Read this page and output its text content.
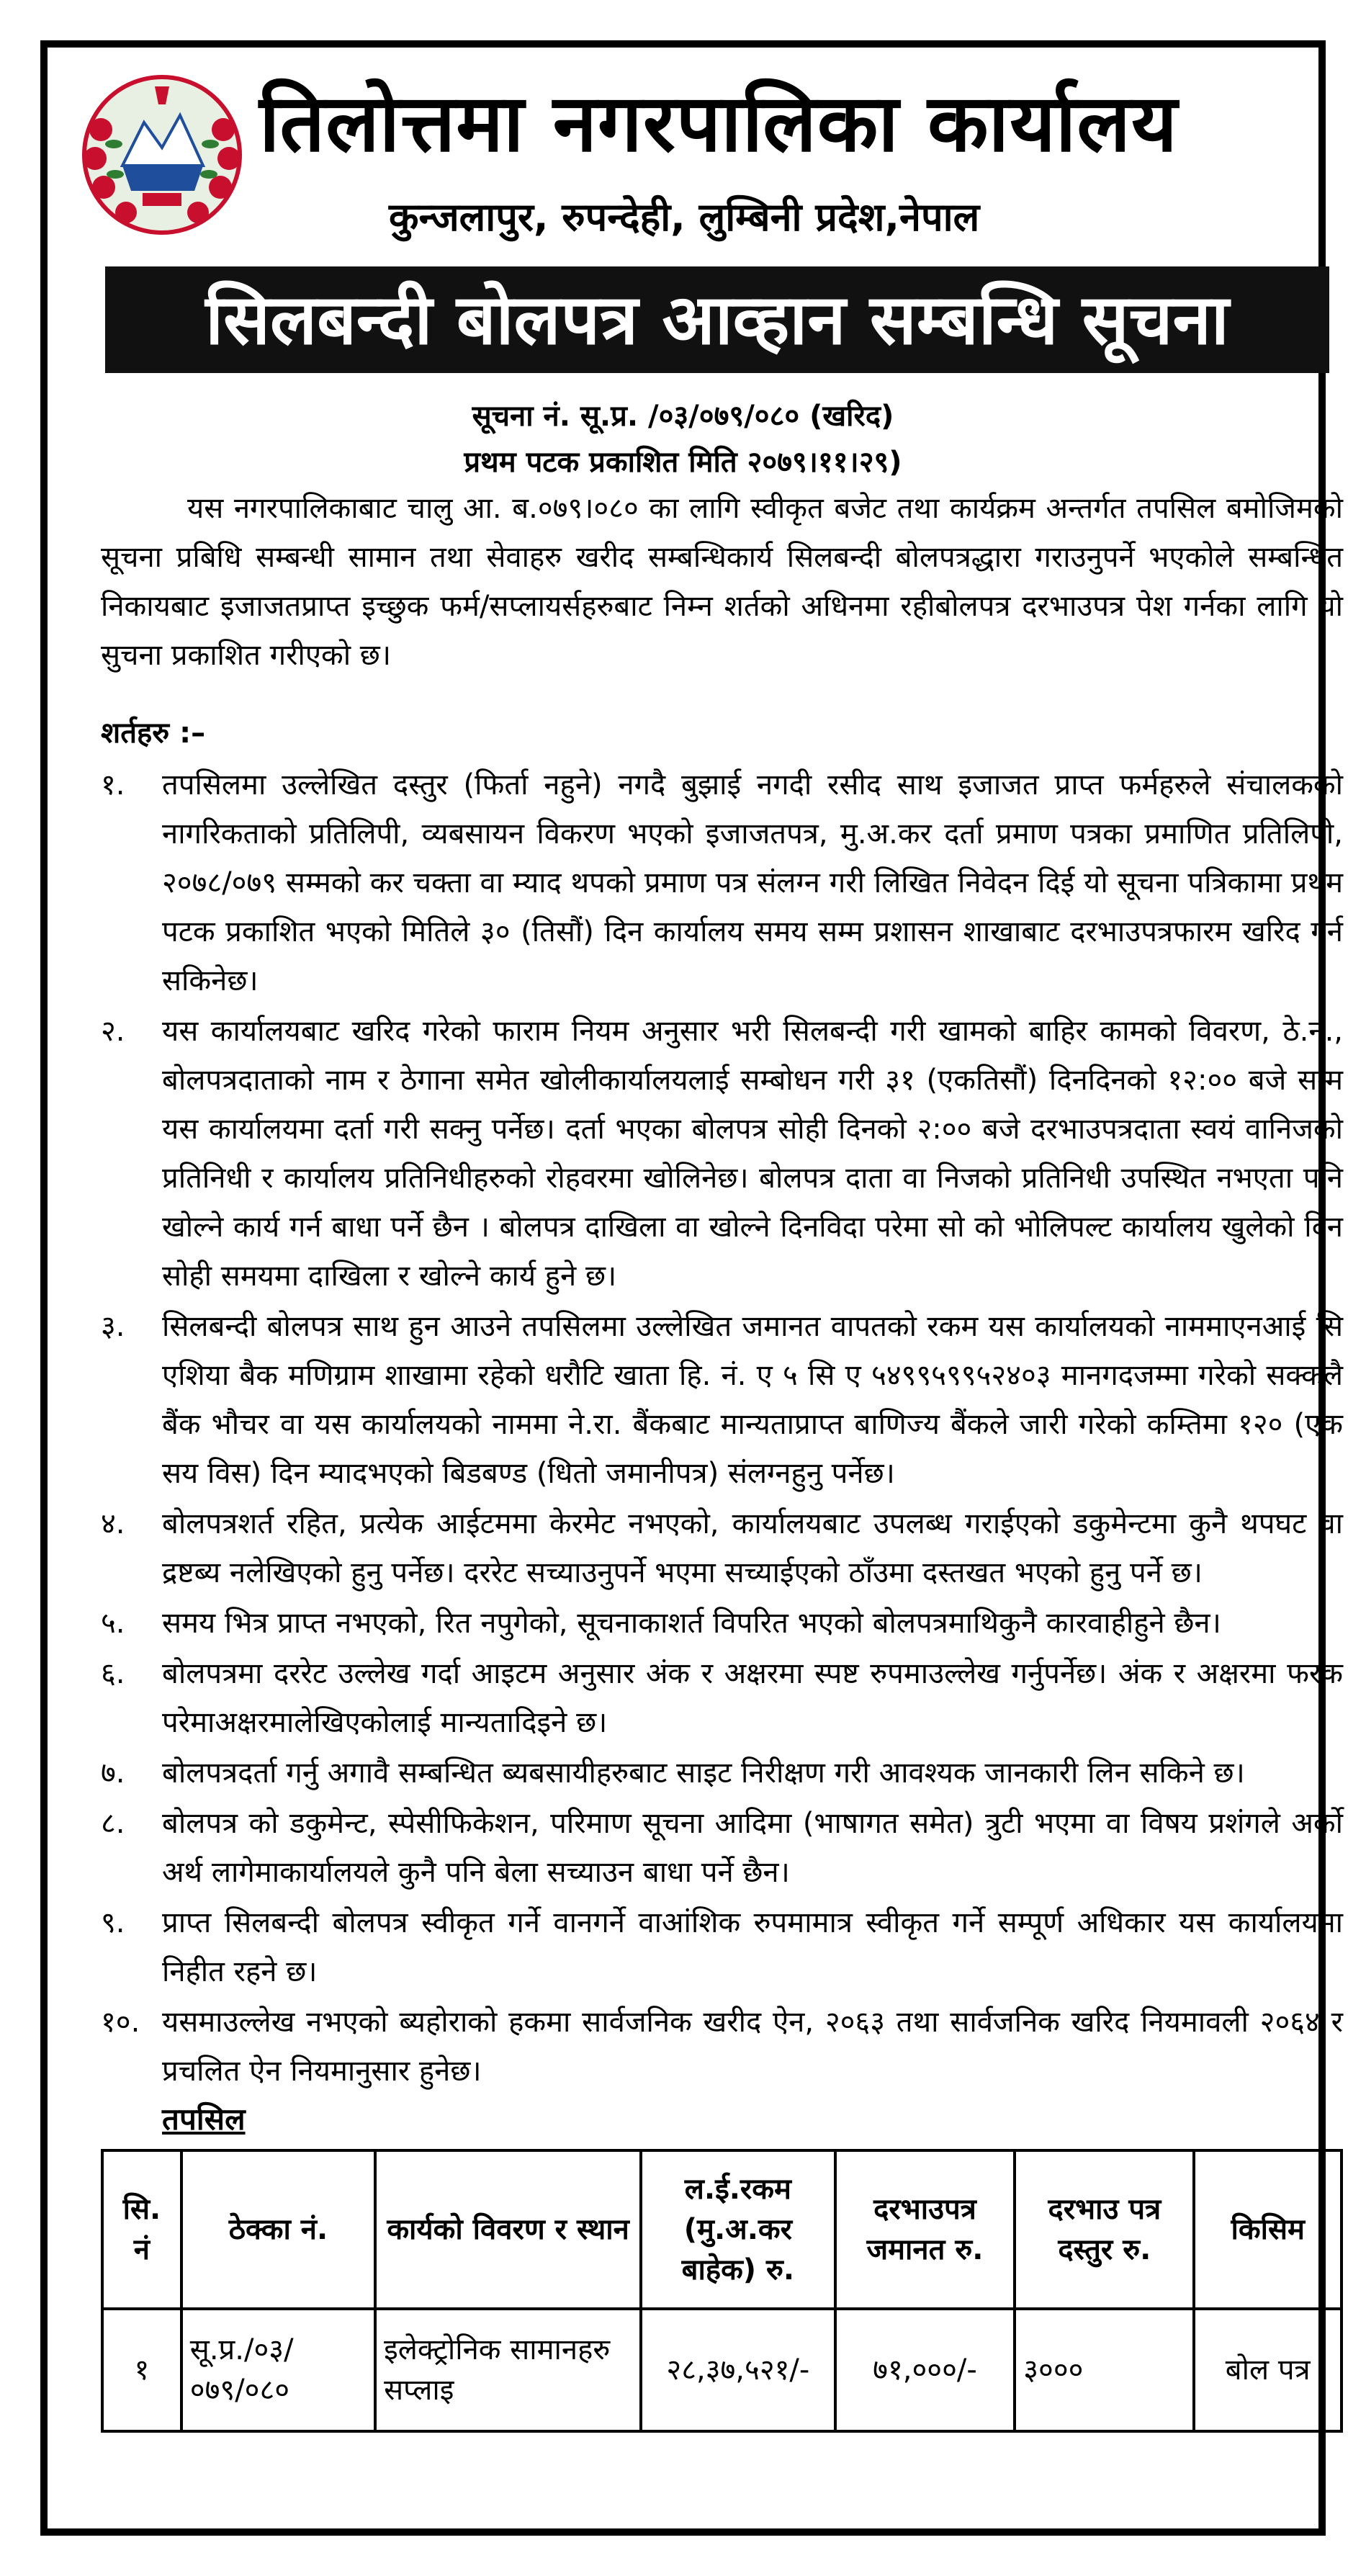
तिलोत्तमा नगरपालिका कार्यालय
कुन्जलापुर, रुपन्देही, लुम्बिनी प्रदेश,नेपाल
सिलबन्दी बोलपत्र आव्हान सम्बन्धि सूचना
सूचना नं. सू.प्र. /०३/०७९/०८० (खरिद)
प्रथम पटक प्रकाशित मिति २०७९।११।२९)

यस नगरपालिकाबाट चालु आ. ब.०७९।०८० का लागि स्वीकृत बजेट तथा कार्यक्रम अन्तर्गत तपसिल बमोजिमको सूचना प्रबिधि सम्बन्धी सामान तथा सेवाहरु खरीद सम्बन्धिकार्य सिलबन्दी बोलपत्रद्धारा गराउनुपर्ने भएकोले सम्बन्धित निकायबाट इजाजतप्राप्त इच्छुक फर्म/सप्लायर्सहरुबाट निम्न शर्तको अधिनमा रहीबोलपत्र दरभाउपत्र पेश गर्नका लागि यो सुचना प्रकाशित गरीएको छ।

शर्तहरु :–
१.	तपसिलमा उल्लेखित दस्तुर (फिर्ता नहुने) नगदै बुझाई नगदी रसीद साथ इजाजत प्राप्त फर्महरुले संचालकको नागरिकताको प्रतिलिपी, व्यबसायन विकरण भएको इजाजतपत्र, मु.अ.कर दर्ता प्रमाण पत्रका प्रमाणित प्रतिलिपी, २०७८/०७९ सम्मको कर चक्ता वा म्याद थपको प्रमाण पत्र संलग्न गरी लिखित निवेदन दिई यो सूचना पत्रिकामा प्रथम पटक प्रकाशित भएको मितिले ३० (तिसौं) दिन कार्यालय समय सम्म प्रशासन शाखाबाट दरभाउपत्रफारम खरिद गर्न सकिनेछ।
२.	यस कार्यालयबाट खरिद गरेको फाराम नियम अनुसार भरी सिलबन्दी गरी खामको बाहिर कामको विवरण, ठे.नं., बोलपत्रदाताको नाम र ठेगाना समेत खोलीकार्यालयलाई सम्बोधन गरी ३१ (एकतिसौं) दिनदिनको १२:०० बजे सम्म यस कार्यालयमा दर्ता गरी सक्नु पर्नेछ। दर्ता भएका बोलपत्र सोही दिनको २:०० बजे दरभाउपत्रदाता स्वयं वानिजको प्रतिनिधी र कार्यालय प्रतिनिधीहरुको रोहवरमा खोलिनेछ। बोलपत्र दाता वा निजको प्रतिनिधी उपस्थित नभएता पनि खोल्ने कार्य गर्न बाधा पर्ने छैन । बोलपत्र दाखिला वा खोल्ने दिनविदा परेमा सो को भोलिपल्ट कार्यालय खुलेको दिन सोही समयमा दाखिला र खोल्ने कार्य हुने छ।
३.	सिलबन्दी बोलपत्र साथ हुन आउने तपसिलमा उल्लेखित जमानत वापतको रकम यस कार्यालयको नाममाएनआई सि एशिया बैक मणिग्राम शाखामा रहेको धरौटि खाता हि. नं. ए ५ सि ए ५४९९५९९५२४०३ मानगदजम्मा गरेको सक्कलै बैंक भौचर वा यस कार्यालयको नाममा ने.रा. बैंकबाट मान्यताप्राप्त बाणिज्य बैंकले जारी गरेको कम्तिमा १२० (एक सय विस) दिन म्यादभएको बिडबण्ड (धितो जमानीपत्र) संलग्नहुनु पर्नेछ।
४.	बोलपत्रशर्त रहित, प्रत्येक आईटममा केरमेट नभएको, कार्यालयबाट उपलब्ध गराईएको डकुमेन्टमा कुनै थपघट वा द्रष्टब्य नलेखिएको हुनु पर्नेछ। दररेट सच्याउनुपर्ने भएमा सच्याईएको ठाँउमा दस्तखत भएको हुनु पर्ने छ।
५.	समय भित्र प्राप्त नभएको, रित नपुगेको, सूचनाकाशर्त विपरित भएको बोलपत्रमाथिकुनै कारवाहीहुने छैन।
६.	बोलपत्रमा दररेट उल्लेख गर्दा आइटम अनुसार अंक र अक्षरमा स्पष्ट रुपमाउल्लेख गर्नुपर्नेछ। अंक र अक्षरमा फरक परेमाअक्षरमालेखिएकोलाई मान्यतादिइने छ।
७.	बोलपत्रदर्ता गर्नु अगावै सम्बन्धित ब्यबसायीहरुबाट साइट निरीक्षण गरी आवश्यक जानकारी लिन सकिने छ।
८.	बोलपत्र को डकुमेन्ट, स्पेसीफिकेशन, परिमाण सूचना आदिमा (भाषागत समेत) त्रुटी भएमा वा विषय प्रशंगले अर्को अर्थ लागेमाकार्यालयले कुनै पनि बेला सच्याउन बाधा पर्ने छैन।
९.	प्राप्त सिलबन्दी बोलपत्र स्वीकृत गर्ने वानगर्ने वाआंशिक रुपमामात्र स्वीकृत गर्ने सम्पूर्ण अधिकार यस कार्यालयमा निहीत रहने छ।
१०. यसमाउल्लेख नभएको ब्यहोराको हकमा सार्वजनिक खरीद ऐन, २०६३ तथा सार्वजनिक खरिद नियमावली २०६४ र प्रचलित ऐन नियमानुसार हुनेछ।
तपसिल
सि. नं	ठेक्का नं.	कार्यको विवरण र स्थान	ल.ई.रकम (मु.अ.कर बाहेक) रु.	दरभाउपत्र जमानत रु.	दरभाउ पत्र दस्तुर रु.	किसिम
१	सू.प्र./०३/ ०७९/०८०	इलेक्ट्रोनिक सामानहरु सप्लाइ	२८,३७,५२१/-	७१,०००/-	३०००	बोल पत्र
